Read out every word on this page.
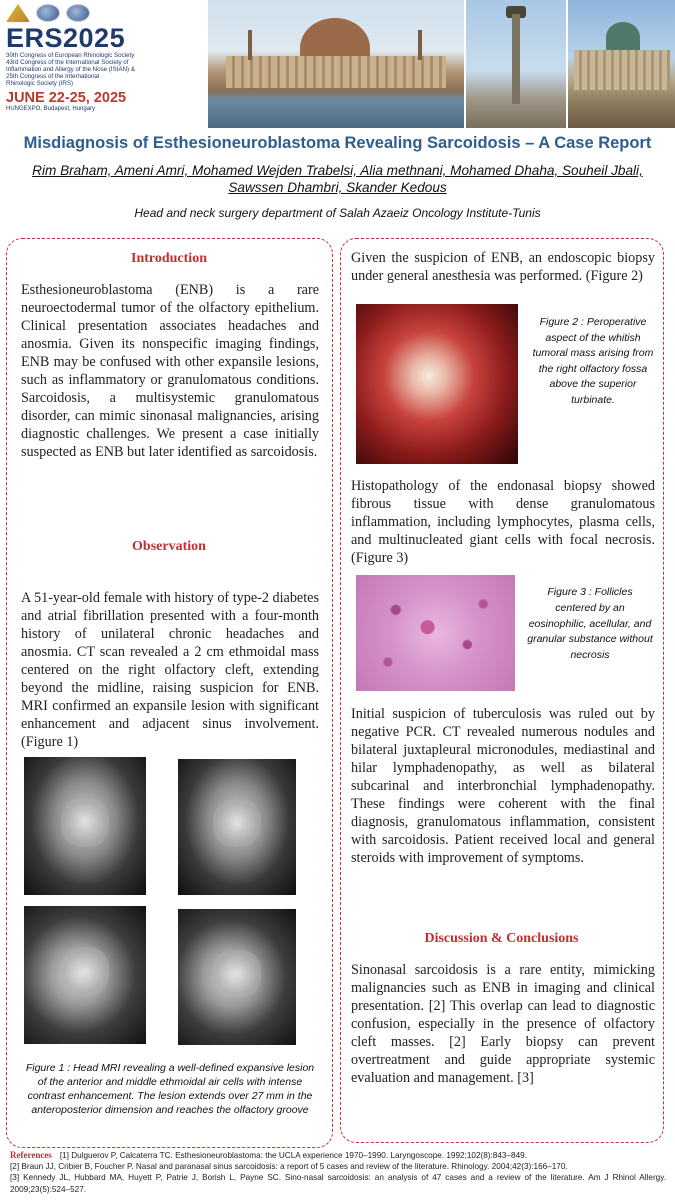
ERS2025
30th Congress of European Rhinologic Society
43rd Congress of the International Society of
Inflammation and Allergy of the Nose (ISIAN) &
25th Congress of the International
Rhinologic Society (IRS)
JUNE 22-25, 2025
HUNGEXPO, Budapest, Hungary
Misdiagnosis of Esthesioneuroblastoma Revealing Sarcoidosis – A Case Report
Rim Braham, Ameni Amri, Mohamed Wejden Trabelsi, Alia methnani, Mohamed Dhaha, Souheil Jbali, Sawssen Dhambri, Skander Kedous
Head and neck surgery department of Salah Azaeiz Oncology Institute-Tunis
Introduction
Esthesioneuroblastoma (ENB) is a rare neuroectodermal tumor of the olfactory epithelium. Clinical presentation associates headaches and anosmia. Given its nonspecific imaging findings, ENB may be confused with other expansile lesions, such as inflammatory or granulomatous conditions. Sarcoidosis, a multisystemic granulomatous disorder, can mimic sinonasal malignancies, arising diagnostic challenges. We present a case initially suspected as ENB but later identified as sarcoidosis.
Observation
A 51-year-old female with history of type-2 diabetes and atrial fibrillation presented with a four-month history of unilateral chronic headaches and anosmia. CT scan revealed a 2 cm ethmoidal mass centered on the right olfactory cleft, extending beyond the midline, raising suspicion for ENB. MRI confirmed an expansile lesion with significant enhancement and adjacent sinus involvement. (Figure 1)
Figure 1 : Head MRI revealing a well-defined expansive lesion of the anterior and middle ethmoidal air cells with intense contrast enhancement. The lesion extends over 27 mm in the anteroposterior dimension and reaches the olfactory groove
Given the suspicion of ENB, an endoscopic biopsy under general anesthesia was performed. (Figure 2)
Figure 2 : Peroperative aspect of the whitish tumoral mass arising from the right olfactory fossa above the superior turbinate.
Histopathology of the endonasal biopsy showed fibrous tissue with dense granulomatous inflammation, including lymphocytes, plasma cells, and multinucleated giant cells with focal necrosis. (Figure 3)
Figure 3 : Follicles centered by an eosinophilic, acellular, and granular substance without necrosis
Initial suspicion of tuberculosis was ruled out by negative PCR. CT revealed numerous nodules and bilateral juxtapleural micronodules, mediastinal and hilar lymphadenopathy, as well as bilateral subcarinal and interbronchial lymphadenopathy. These findings were coherent with the final diagnosis, granulomatous inflammation, consistent with sarcoidosis. Patient received local and general steroids with improvement of symptoms.
Discussion & Conclusions
Sinonasal sarcoidosis is a rare entity, mimicking malignancies such as ENB in imaging and clinical presentation. [2] This overlap can lead to diagnostic confusion, especially in the presence of olfactory cleft masses. [2] Early biopsy can prevent overtreatment and guide appropriate systemic evaluation and management. [3]

References [1] Dulguerov P, Calcaterra TC. Esthesioneuroblastoma: the UCLA experience 1970–1990. Laryngoscope. 1992;102(8):843–849.

[2] Braun JJ, Cribier B, Foucher P. Nasal and paranasal sinus sarcoidosis: a report of 5 cases and review of the literature. Rhinology. 2004;42(3):166–170.

[3] Kennedy JL, Hubbard MA, Huyett P, Patrie J, Borish L, Payne SC. Sino-nasal sarcoidosis: an analysis of 47 cases and a review of the literature. Am J Rhinol Allergy. 2009;23(5):524–527.
